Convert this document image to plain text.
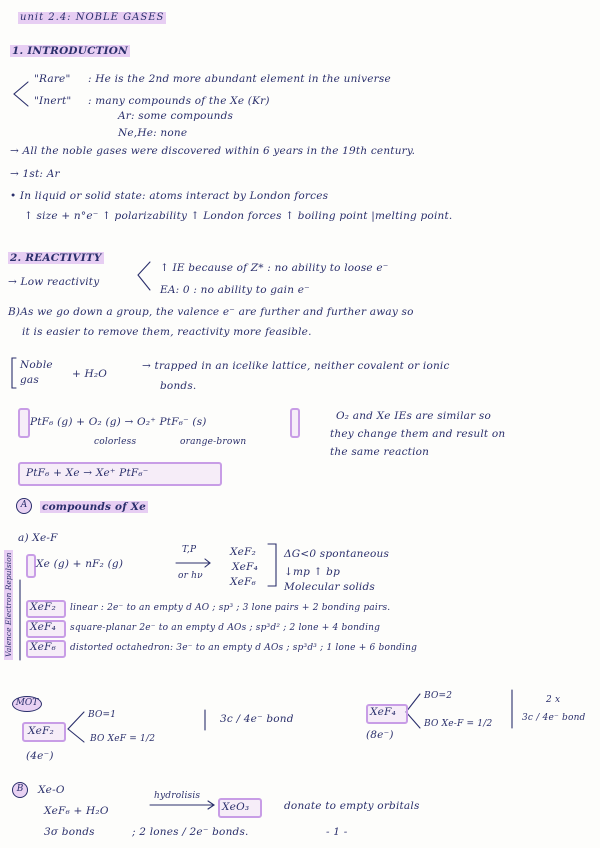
unit 2.4: NOBLE GASES
1. INTRODUCTION
"Rare" : He is the 2nd more abundant element in the universe
"Inert" : many compounds of the Xe (Kr)
Ar: some compounds
Ne,He: none
→ All the noble gases were discovered within 6 years in the 19th century.
→ 1st: Ar
• In liquid or solid state: atoms interact by London forces
↑ size + n°e⁻ ↑ polarizability ↑ London forces ↑ boiling point |melting point.
2. REACTIVITY
→ Low reactivity
↑ IE because of Z* : no ability to loose e⁻
EA: 0 : no ability to gain e⁻
B)As we go down a group, the valence e⁻ are further and further away so
it is easier to remove them, reactivity more feasible.
Noble
gas	+ H₂O
→ trapped in an icelike lattice, neither covalent or ionic
bonds.
PtF₆ (g) + O₂ (g) → O₂⁺ PtF₆⁻ (s)
colorless	orange-brown
O₂ and Xe IEs are similar so
they change them and result on
the same reaction
PtF₆ + Xe → Xe⁺ PtF₆⁻
A	compounds of Xe
a) Xe-F
Xe (g) + nF₂ (g)
T,P
or hν
XeF₂
XeF₄
XeF₆
ΔG<0 spontaneous
↓mp ↑ bp
Molecular solids
Valence Electron Repulsion XeF₂ linear : 2e⁻ to an empty d AO ; sp³ ; 3 lone pairs + 2 bonding pairs.
XeF₄ square-planar 2e⁻ to an empty d AOs ; sp³d² ; 2 lone + 4 bonding
XeF₆ distorted octahedron: 3e⁻ to an empty d AOs ; sp³d³ ; 1 lone + 6 bonding
MOT
XeF₂
(4e⁻)
BO=1
BO XeF = 1/2
3c / 4e⁻ bond
XeF₄
(8e⁻)
BO=2
BO Xe-F = 1/2
2 x
3c / 4e⁻ bond
B	Xe-O
XeF₆ + H₂O
hydrolisis
XeO₃	donate to empty orbitals
3σ bonds	; 2 lones / 2e⁻ bonds.	- 1 -
